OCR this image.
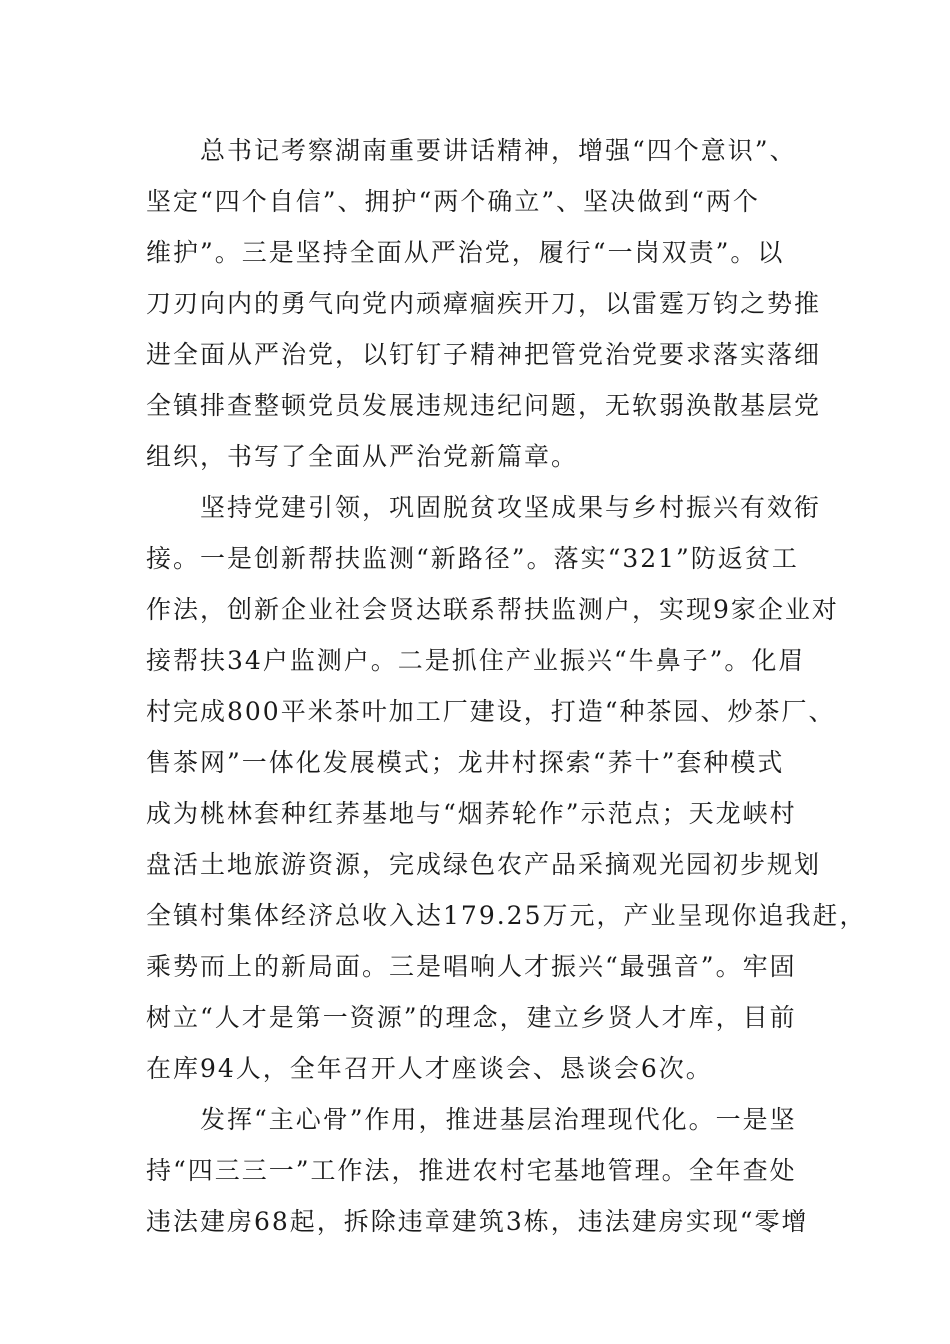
　　总书记考察湖南重要讲话精神，增强“四个意识”、
坚定“四个自信”、拥护“两个确立”、坚决做到“两个
维护”。三是坚持全面从严治党，履行“一岗双责”。以
刀刃向内的勇气向党内顽瘴痼疾开刀，以雷霆万钧之势推
进全面从严治党，以钉钉子精神把管党治党要求落实落细
全镇排查整顿党员发展违规违纪问题，无软弱涣散基层党
组织，书写了全面从严治党新篇章。
　　坚持党建引领，巩固脱贫攻坚成果与乡村振兴有效衔
接。一是创新帮扶监测“新路径”。落实“321”防返贫工
作法，创新企业社会贤达联系帮扶监测户，实现9家企业对
接帮扶34户监测户。二是抓住产业振兴“牛鼻子”。化眉
村完成800平米茶叶加工厂建设，打造“种茶园、炒茶厂、
售茶网”一体化发展模式；龙井村探索“荞十”套种模式
成为桃林套种红荞基地与“烟荞轮作”示范点；天龙峡村
盘活土地旅游资源，完成绿色农产品采摘观光园初步规划
全镇村集体经济总收入达179.25万元，产业呈现你追我赶，
乘势而上的新局面。三是唱响人才振兴“最强音”。牢固
树立“人才是第一资源”的理念，建立乡贤人才库，目前
在库94人，全年召开人才座谈会、恳谈会6次。
　　发挥“主心骨”作用，推进基层治理现代化。一是坚
持“四三三一”工作法，推进农村宅基地管理。全年查处
违法建房68起，拆除违章建筑3栋，违法建房实现“零增
